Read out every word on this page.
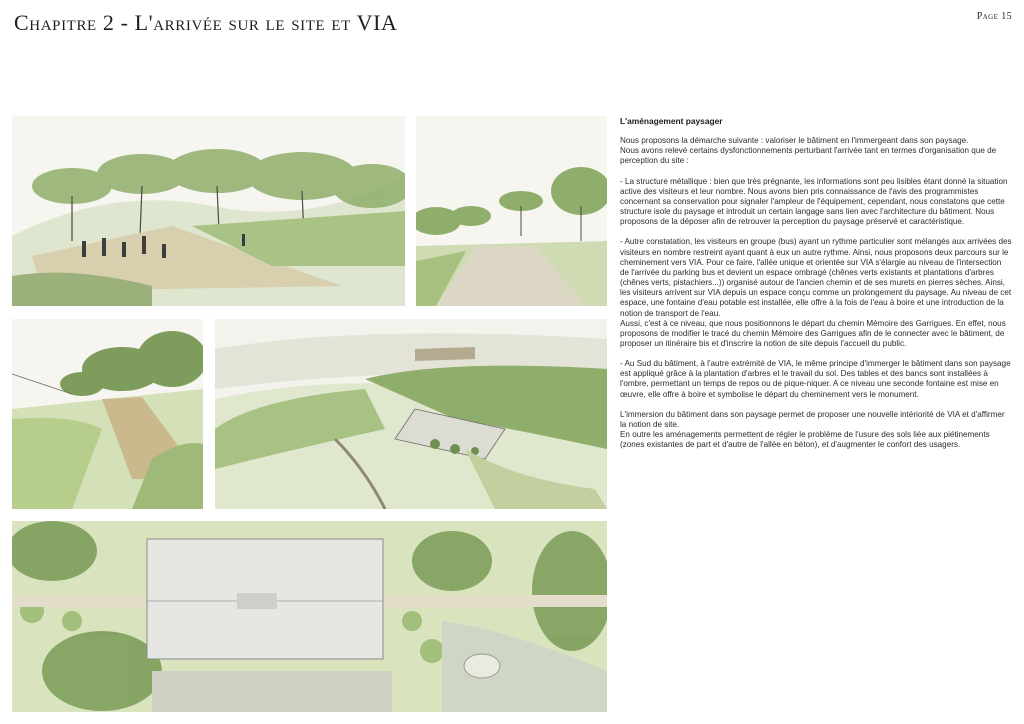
Chapitre 2 - L'arrivée sur le site et VIA	Page 15
L'aménagement paysager

Nous proposons la démarche suivante : valoriser le bâtiment en l'immergeant dans son paysage.

Nous avons relevé certains dysfonctionnements perturbant l'arrivée tant en termes d'organisation que de perception du site :

- La structure métallique : bien que très prégnante, les informations sont peu lisibles étant donné la situation active des visiteurs et leur nombre. Nous avons bien pris connaissance de l'avis des programmistes concernant sa conservation pour signaler l'ampleur de l'équipement, cependant, nous constatons que cette structure isole du paysage et introduit un certain langage sans lien avec l'architecture du bâtiment. Nous proposons de la déposer afin de retrouver la perception du paysage préservé et caractéristique.

- Autre constatation, les visiteurs en groupe (bus) ayant un rythme particulier sont mélangés aux arrivées des visiteurs en nombre restreint ayant quant à eux un autre rythme. Ainsi, nous proposons deux parcours sur le cheminement vers VIA. Pour ce faire, l'allée unique et orientée sur VIA s'élargie au niveau de l'intersection de l'arrivée du parking bus et devient un espace ombragé (chênes verts existants et plantations d'arbres (chênes verts, pistachiers...)) organisé autour de l'ancien chemin et de ses murets en pierres sèches. Ainsi, les visiteurs arrivent sur VIA depuis un espace conçu comme un prolongement du paysage. Au niveau de cet espace, une fontaine d'eau potable est installée, elle offre à la fois de l'eau à boire et une introduction de la notion de transport de l'eau.

Aussi, c'est à ce niveau, que nous positionnons le départ du chemin Mémoire des Garrigues. En effet, nous proposons de modifier le tracé du chemin Mémoire des Garrigues afin de le connecter avec le bâtiment, de proposer un itinéraire bis et d'inscrire la notion de site depuis l'accueil du public.

- Au Sud du bâtiment, à l'autre extrémité de VIA, le même principe d'immerger le bâtiment dans son paysage est appliqué grâce à la plantation d'arbres et le travail du sol. Des tables et des bancs sont installées à l'ombre, permettant un temps de repos ou de pique-niquer. A ce niveau une seconde fontaine est mise en œuvre, elle offre à boire et symbolise le départ du cheminement vers le monument.

L'immersion du bâtiment dans son paysage permet de proposer une nouvelle intériorité de VIA et d'affirmer la notion de site.

En outre les aménagements permettent de régler le problème de l'usure des sols liée aux piétinements (zones existantes de part et d'autre de l'allée en béton), et d'augmenter le confort des usagers.
